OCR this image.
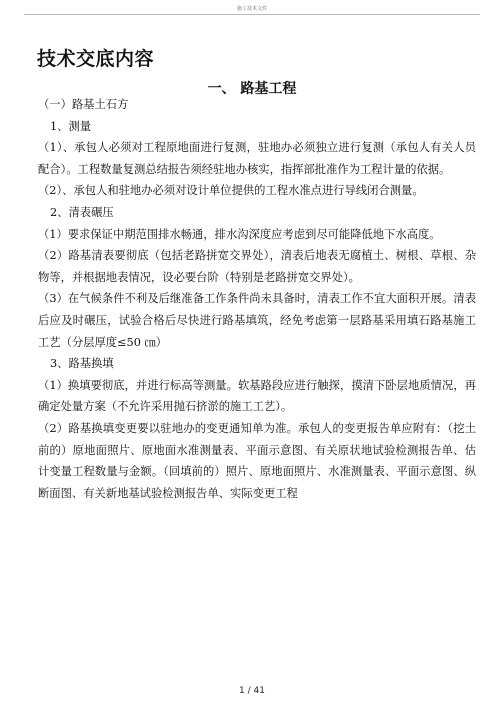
施工技术文件
技术交底内容
一、 路基工程

（一）路基土石方

1、测量

（1）、承包人必须对工程原地面进行复测，驻地办必须独立进行复测（承包人有关人员配合）。工程数量复测总结报告须经驻地办核实，指挥部批准作为工程计量的依据。

（2）、承包人和驻地办必须对设计单位提供的工程水准点进行导线闭合测量。

2、清表碾压

（1）要求保证中期范围排水畅通，排水沟深度应考虑到尽可能降低地下水高度。

（2）路基清表要彻底（包括老路拼宽交界处），清表后地表无腐植土、树根、草根、杂物等，并根据地表情况，设必要台阶（特别是老路拼宽交界处）。

（3）在气候条件不利及后继准备工作条件尚未具备时，清表工作不宜大面积开展。清表后应及时碾压，试验合格后尽快进行路基填筑，经免考虑第一层路基采用填石路基施工工艺（分层厚度≤50 ㎝）

3、路基换填

（1）换填要彻底，并进行标高等测量。软基路段应进行触探，摸清下卧层地质情况，再确定处量方案（不允许采用抛石挤淤的施工工艺）。

（2）路基换填变更要以驻地办的变更通知单为准。承包人的变更报告单应附有：（挖土前的）原地面照片、原地面水准测量表、平面示意图、有关原状地试验检测报告单、估计变量工程数量与金额。（回填前的）照片、原地面照片、水准测量表、平面示意图、纵断面图、有关新地基试验检测报告单、实际变更工程

1 / 41
